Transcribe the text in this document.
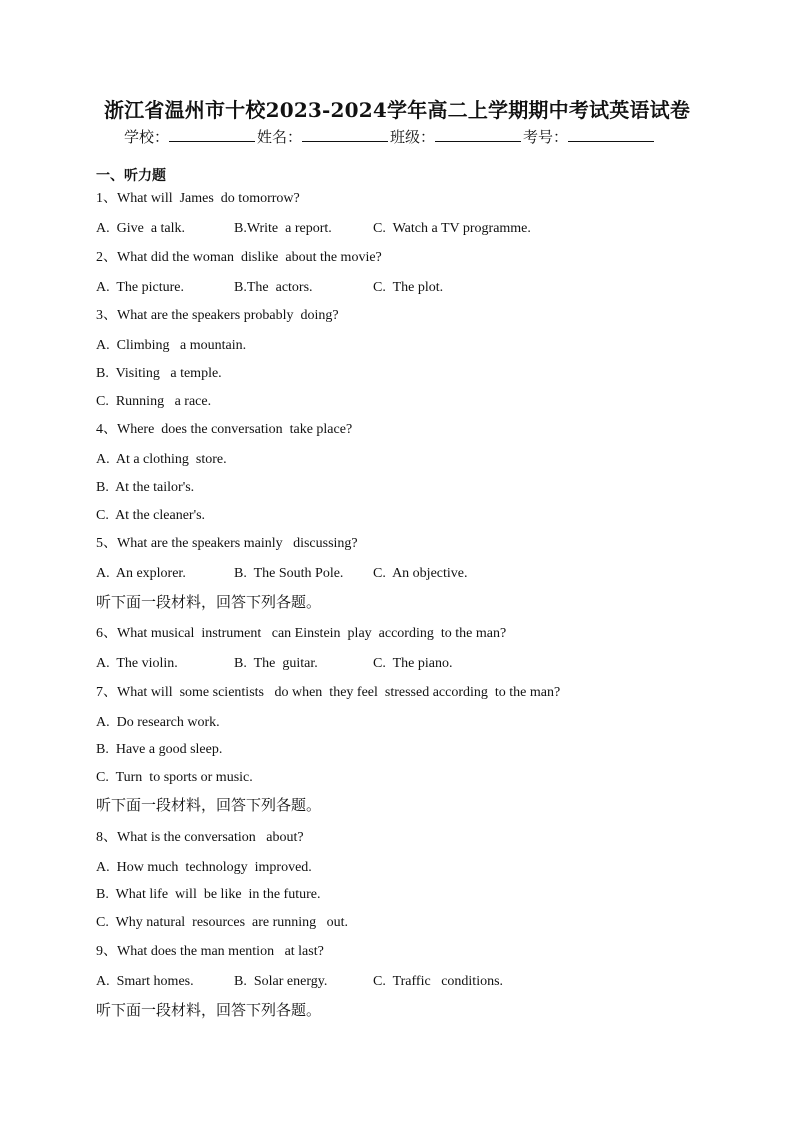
浙江省温州市十校2023-2024学年高二上学期期中考试英语试卷
学校：	姓名：	班级：	考号：
一、听力题
1、What will  James  do tomorrow?
A.  Give  a talk.	B.Write  a report.	C.  Watch a TV programme.
2、What did the woman  dislike  about the movie?
A.  The picture.	B.The  actors.	C.  The plot.
3、What are the speakers probably  doing?
A.  Climbing   a mountain.
B.  Visiting   a temple.
C.  Running   a race.
4、Where  does the conversation  take place?
A.  At a clothing  store.
B.  At the tailor's.
C.  At the cleaner's.
5、What are the speakers mainly   discussing?
A.  An explorer.	B.  The South Pole. C.  An objective.
听下面一段材料，回答下列各题。
6、What musical  instrument   can Einstein  play  according  to the man?
A.  The violin.	B.  The  guitar.	C.  The piano.
7、What will  some scientists   do when  they feel  stressed according  to the man?
A.  Do research work.
B.  Have a good sleep.
C.  Turn  to sports or music.
听下面一段材料，回答下列各题。
8、What is the conversation   about?
A.  How much  technology  improved.
B.  What life  will  be like  in the future.
C.  Why natural  resources  are running   out.
9、What does the man mention   at last?
A.  Smart homes.	B.  Solar energy.	C.  Traffic   conditions.
听下面一段材料，回答下列各题。
